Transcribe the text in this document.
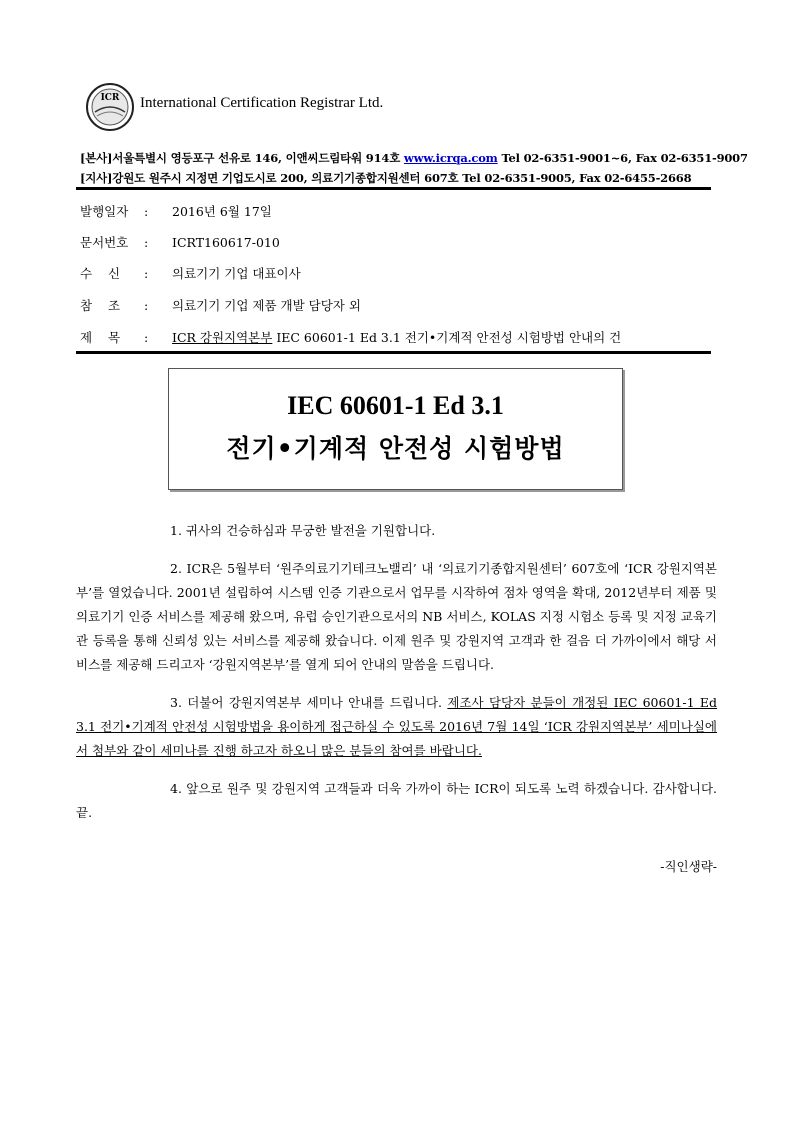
ICR International Certification Registrar Ltd.
[본사]서울특별시 영등포구 선유로 146, 이앤씨드림타워 914호 www.icrqa.com Tel 02-6351-9001~6, Fax 02-6351-9007
[지사]강원도 원주시 지정면 기업도시로 200, 의료기기종합지원센터 607호 Tel 02-6351-9005, Fax 02-6455-2668
발행일자 : 2016년 6월 17일
문서번호 : ICRT160617-010
수    신 : 의료기기 기업 대표이사
참    조 : 의료기기 기업 제품 개발 담당자 외
제    목 : ICR 강원지역본부 IEC 60601-1 Ed 3.1 전기•기계적 안전성 시험방법 안내의 건
IEC 60601-1 Ed 3.1
전기•기계적 안전성 시험방법

1. 귀사의 건승하심과 무궁한 발전을 기원합니다.

2. ICR은 5월부터 ‘원주의료기기테크노밸리’ 내 ‘의료기기종합지원센터’ 607호에 ‘ICR 강원지역본부’를 열었습니다. 2001년 설립하여 시스템 인증 기관으로서 업무를 시작하여 점차 영역을 확대, 2012년부터 제품 및 의료기기 인증 서비스를 제공해 왔으며, 유럽 승인기관으로서의 NB 서비스, KOLAS 지정 시험소 등록 및 지정 교육기관 등록을 통해 신뢰성 있는 서비스를 제공해 왔습니다. 이제 원주 및 강원지역 고객과 한 걸음 더 가까이에서 해당 서비스를 제공해 드리고자 ‘강원지역본부’를 열게 되어 안내의 말씀을 드립니다.

3. 더불어 강원지역본부 세미나 안내를 드립니다. 제조사 담당자 분들이 개정된 IEC 60601-1 Ed 3.1 전기•기계적 안전성 시험방법을 용이하게 접근하실 수 있도록 2016년 7월 14일 ‘ICR 강원지역본부’ 세미나실에서 첨부와 같이 세미나를 진행 하고자 하오니 많은 분들의 참여를 바랍니다.

4. 앞으로 원주 및 강원지역 고객들과 더욱 가까이 하는 ICR이 되도록 노력 하겠습니다. 감사합니다. 끝.

-직인생략-
